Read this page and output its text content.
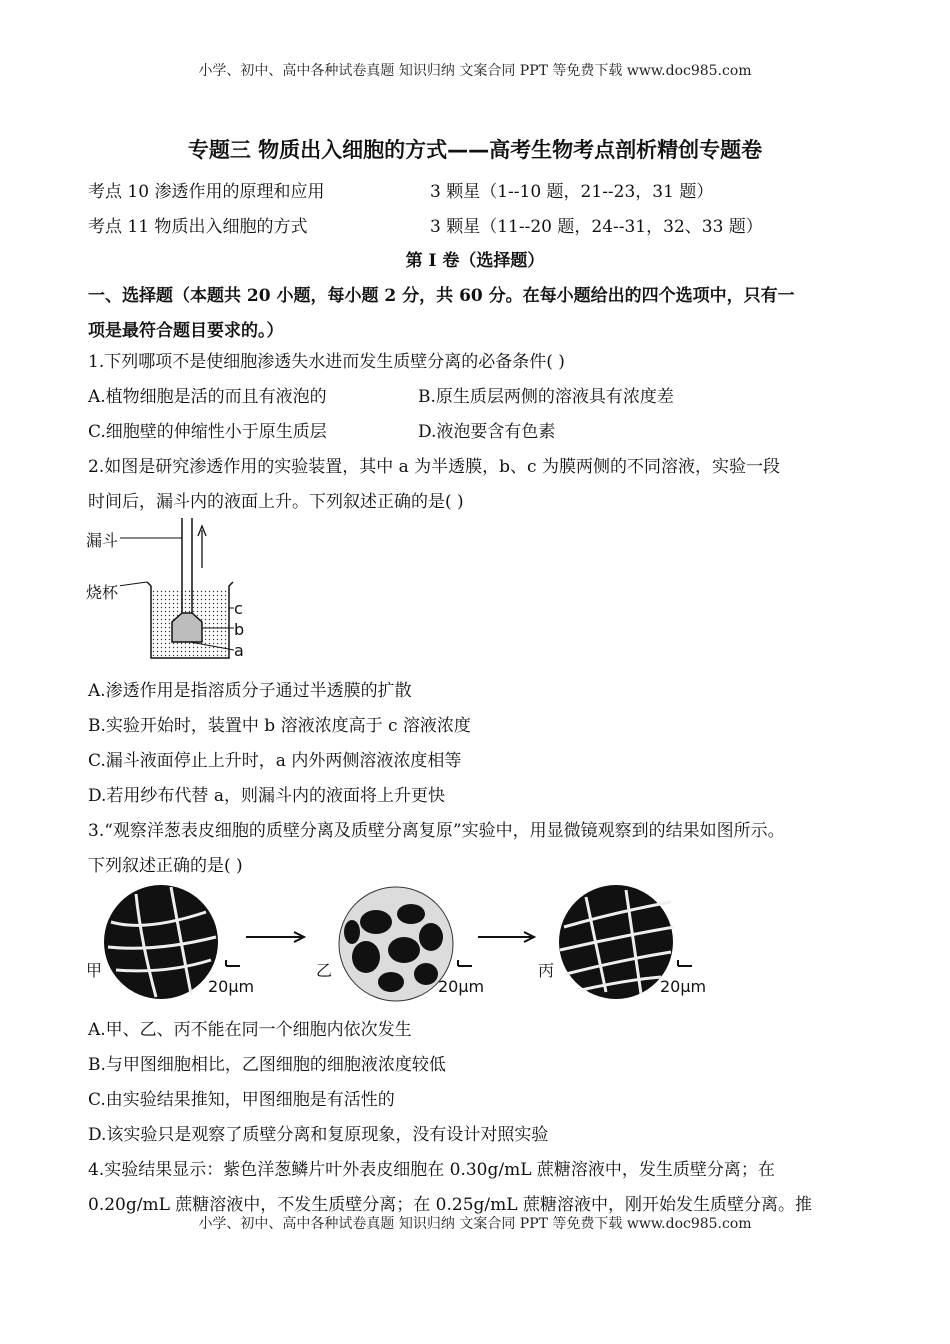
小学、初中、高中各种试卷真题 知识归纳 文案合同 PPT 等免费下载 www.doc985.com
专题三 物质出入细胞的方式——高考生物考点剖析精创专题卷
考点 10 渗透作用的原理和应用	3 颗星（1--10 题，21--23，31 题）
考点 11 物质出入细胞的方式	3 颗星（11--20 题，24--31，32、33 题）
第 I 卷（选择题）
一、选择题（本题共 20 小题，每小题 2 分，共 60 分。在每小题给出的四个选项中，只有一
项是最符合题目要求的。）
1.下列哪项不是使细胞渗透失水进而发生质壁分离的必备条件( )
A.植物细胞是活的而且有液泡的	B.原生质层两侧的溶液具有浓度差
C.细胞壁的伸缩性小于原生质层	D.液泡要含有色素
2.如图是研究渗透作用的实验装置，其中 a 为半透膜，b、c 为膜两侧的不同溶液，实验一段
时间后，漏斗内的液面上升。下列叙述正确的是( )
漏斗
烧杯
c
b
a
A.渗透作用是指溶质分子通过半透膜的扩散
B.实验开始时，装置中 b 溶液浓度高于 c 溶液浓度
C.漏斗液面停止上升时，a 内外两侧溶液浓度相等
D.若用纱布代替 a，则漏斗内的液面将上升更快
3.“观察洋葱表皮细胞的质壁分离及质壁分离复原”实验中，用显微镜观察到的结果如图所示。
下列叙述正确的是( )
甲	乙	丙
20μm	20μm	20μm
A.甲、乙、丙不能在同一个细胞内依次发生
B.与甲图细胞相比，乙图细胞的细胞液浓度较低
C.由实验结果推知，甲图细胞是有活性的
D.该实验只是观察了质壁分离和复原现象，没有设计对照实验
4.实验结果显示：紫色洋葱鳞片叶外表皮细胞在 0.30g/mL 蔗糖溶液中，发生质壁分离；在
0.20g/mL 蔗糖溶液中，不发生质壁分离；在 0.25g/mL 蔗糖溶液中，刚开始发生质壁分离。推
小学、初中、高中各种试卷真题 知识归纳 文案合同 PPT 等免费下载 www.doc985.com
